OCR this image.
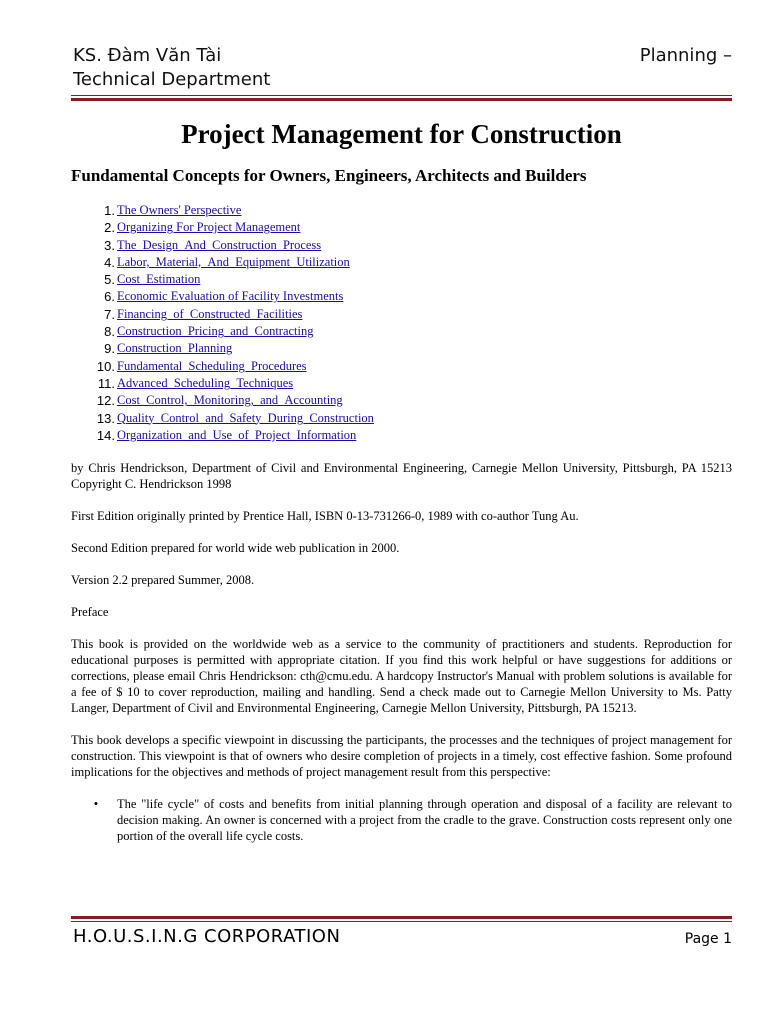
KS. Đàm Văn Tài
Technical Department
Planning –
Project Management for Construction
Fundamental Concepts for Owners, Engineers, Architects and Builders
1. The Owners' Perspective
2. Organizing For Project Management
3. The_Design_And_Construction_Process
4. Labor,_Material,_And_Equipment_Utilization
5. Cost_Estimation
6. Economic Evaluation of Facility Investments
7. Financing_of_Constructed_Facilities
8. Construction_Pricing_and_Contracting
9. Construction_Planning
10. Fundamental_Scheduling_Procedures
11. Advanced_Scheduling_Techniques
12. Cost_Control,_Monitoring,_and_Accounting
13. Quality_Control_and_Safety_During_Construction
14. Organization_and_Use_of_Project_Information

by Chris Hendrickson, Department of Civil and Environmental Engineering, Carnegie Mellon University, Pittsburgh, PA 15213 Copyright C. Hendrickson 1998

First Edition originally printed by Prentice Hall, ISBN 0-13-731266-0, 1989 with co-author Tung Au.

Second Edition prepared for world wide web publication in 2000.

Version 2.2 prepared Summer, 2008.

Preface

This book is provided on the worldwide web as a service to the community of practitioners and students. Reproduction for educational purposes is permitted with appropriate citation. If you find this work helpful or have suggestions for additions or corrections, please email Chris Hendrickson: cth@cmu.edu. A hardcopy Instructor's Manual with problem solutions is available for a fee of $ 10 to cover reproduction, mailing and handling. Send a check made out to Carnegie Mellon University to Ms. Patty Langer, Department of Civil and Environmental Engineering, Carnegie Mellon University, Pittsburgh, PA 15213.

This book develops a specific viewpoint in discussing the participants, the processes and the techniques of project management for construction. This viewpoint is that of owners who desire completion of projects in a timely, cost effective fashion. Some profound implications for the objectives and methods of project management result from this perspective:

•	The "life cycle" of costs and benefits from initial planning through operation and disposal of a facility are relevant to decision making. An owner is concerned with a project from the cradle to the grave. Construction costs represent only one portion of the overall life cycle costs.

H.O.U.S.I.N.G CORPORATION	Page 1
